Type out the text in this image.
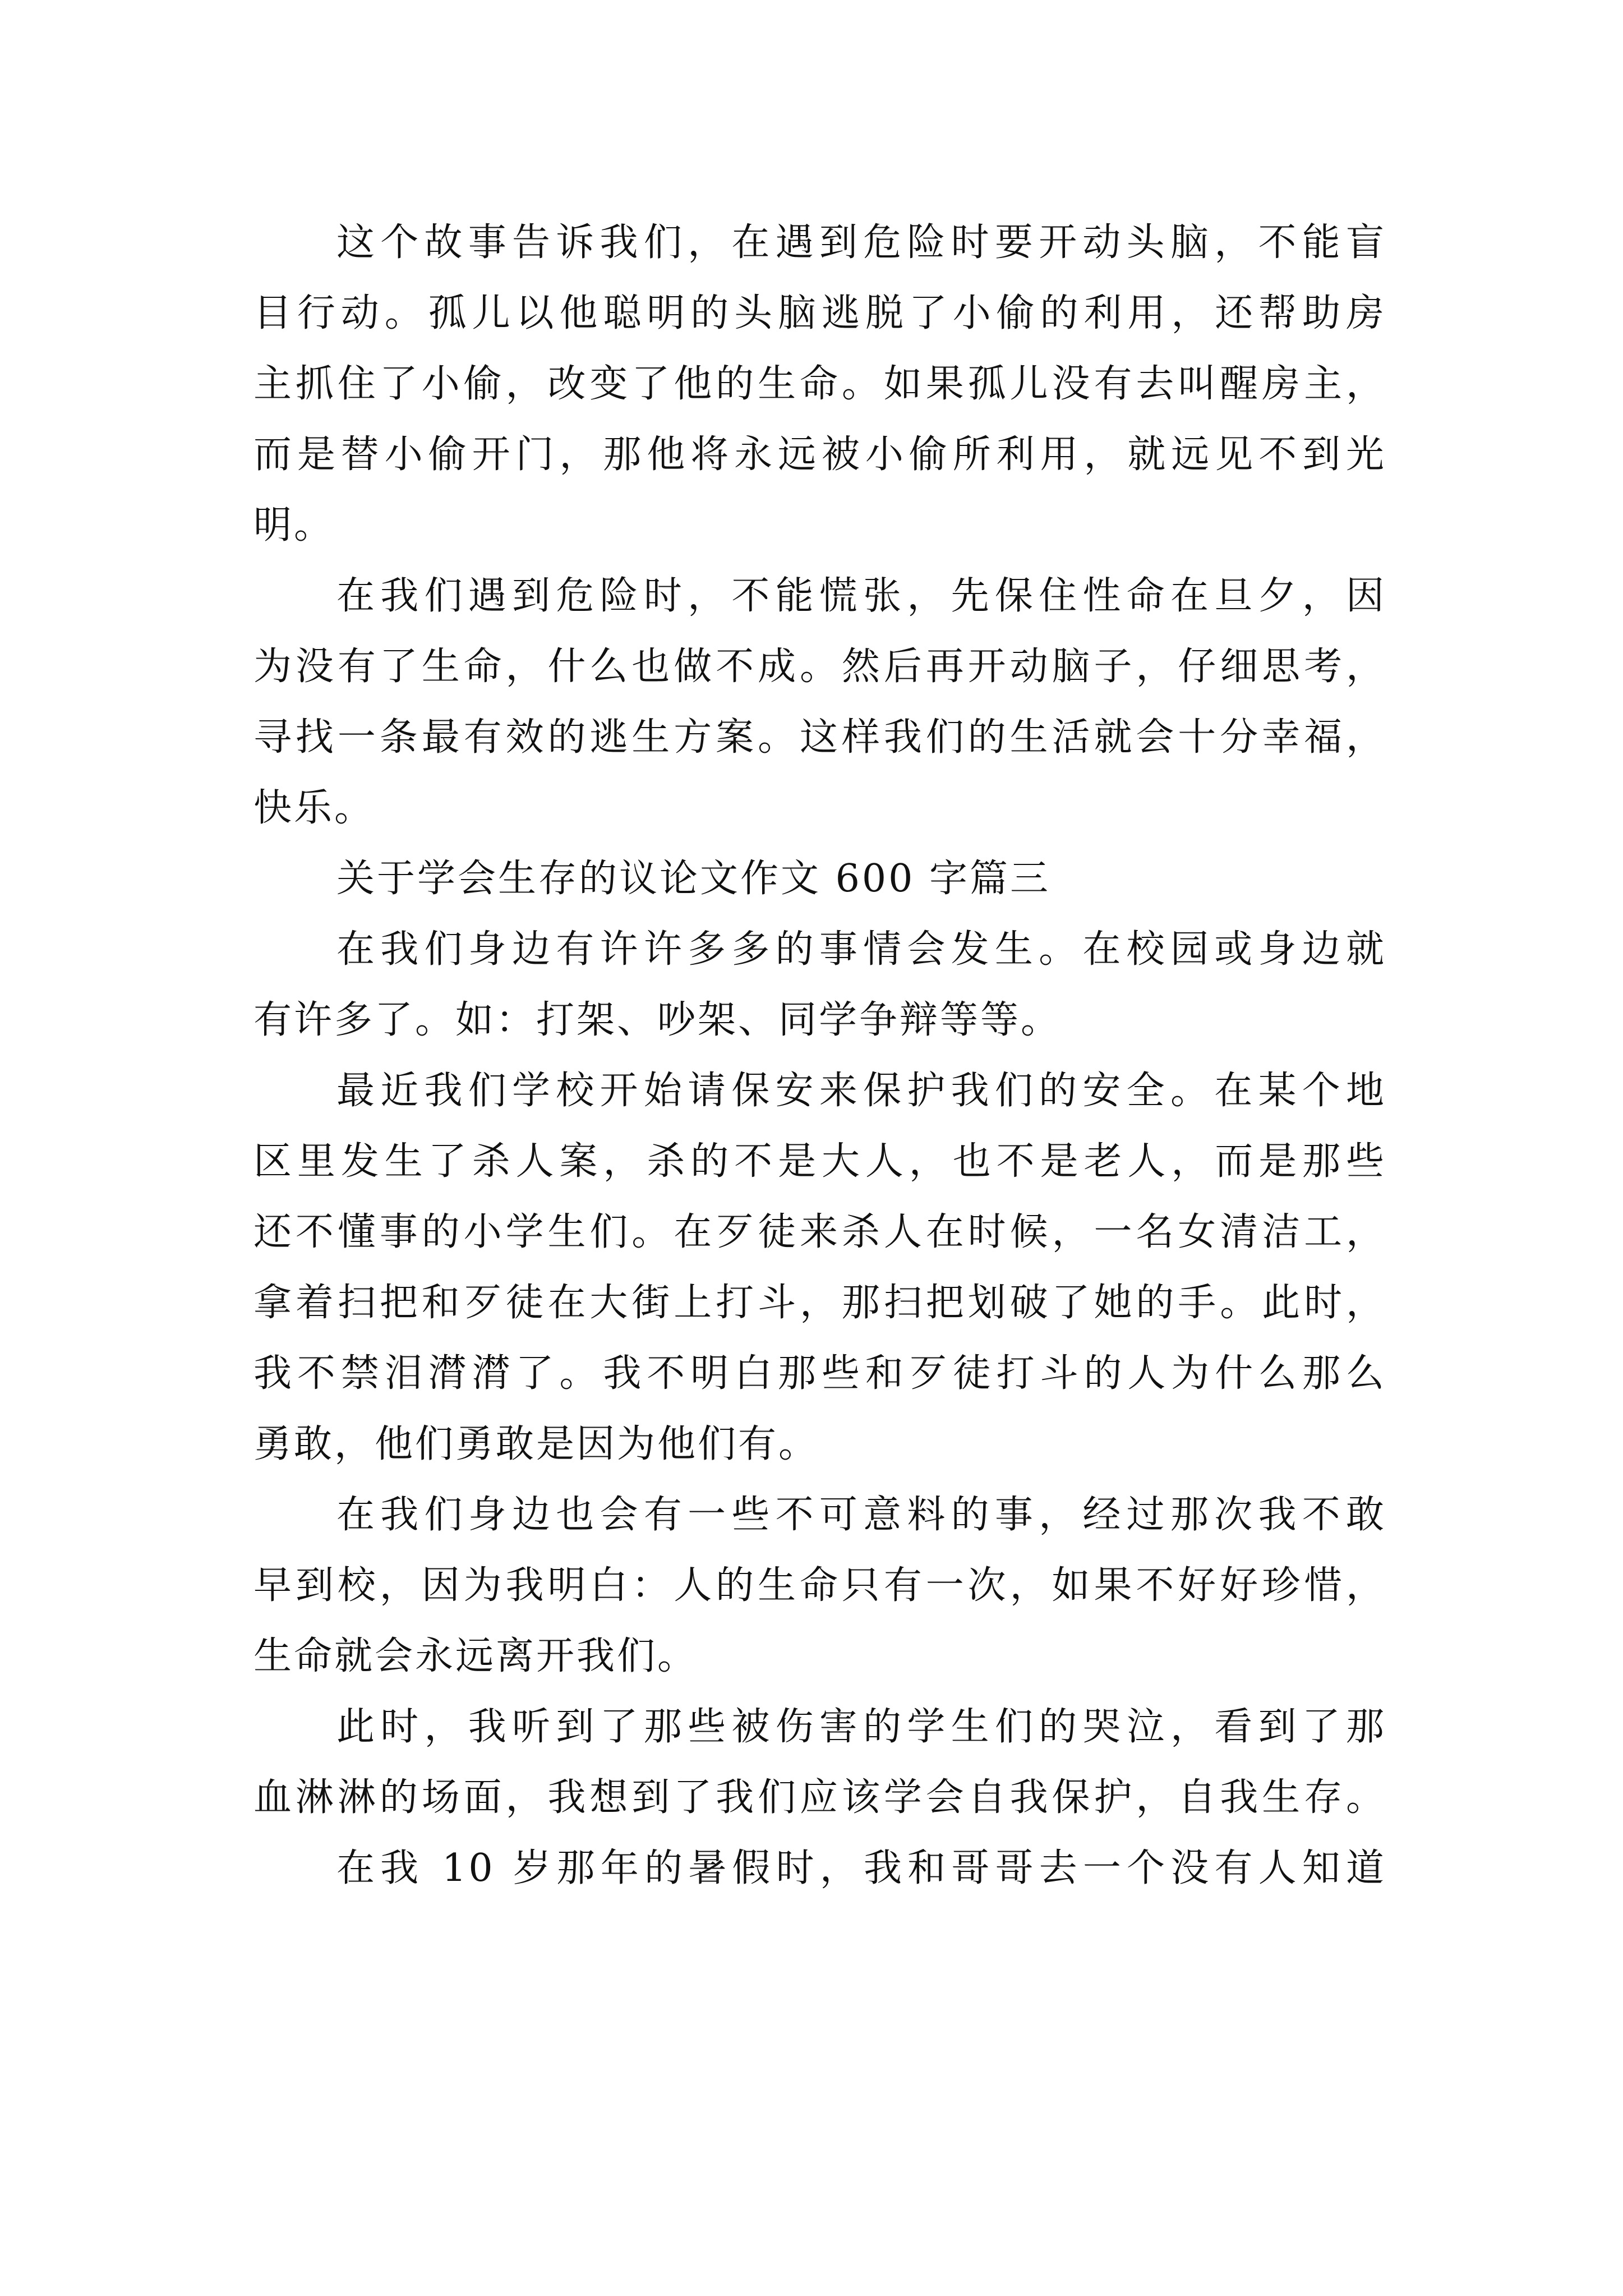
这个故事告诉我们，在遇到危险时要开动头脑，不能盲
目行动。孤儿以他聪明的头脑逃脱了小偷的利用，还帮助房
主抓住了小偷，改变了他的生命。如果孤儿没有去叫醒房主，
而是替小偷开门，那他将永远被小偷所利用，就远见不到光
明。
在我们遇到危险时，不能慌张，先保住性命在旦夕，因
为没有了生命，什么也做不成。然后再开动脑子，仔细思考，
寻找一条最有效的逃生方案。这样我们的生活就会十分幸福，
快乐。
关于学会生存的议论文作文 600 字篇三
在我们身边有许许多多的事情会发生。在校园或身边就
有许多了。如：打架、吵架、同学争辩等等。
最近我们学校开始请保安来保护我们的安全。在某个地
区里发生了杀人案，杀的不是大人，也不是老人，而是那些
还不懂事的小学生们。在歹徒来杀人在时候，一名女清洁工，
拿着扫把和歹徒在大街上打斗，那扫把划破了她的手。此时，
我不禁泪潸潸了。我不明白那些和歹徒打斗的人为什么那么
勇敢，他们勇敢是因为他们有。
在我们身边也会有一些不可意料的事，经过那次我不敢
早到校，因为我明白：人的生命只有一次，如果不好好珍惜，
生命就会永远离开我们。
此时，我听到了那些被伤害的学生们的哭泣，看到了那
血淋淋的场面，我想到了我们应该学会自我保护，自我生存。
在我 10 岁那年的暑假时，我和哥哥去一个没有人知道
